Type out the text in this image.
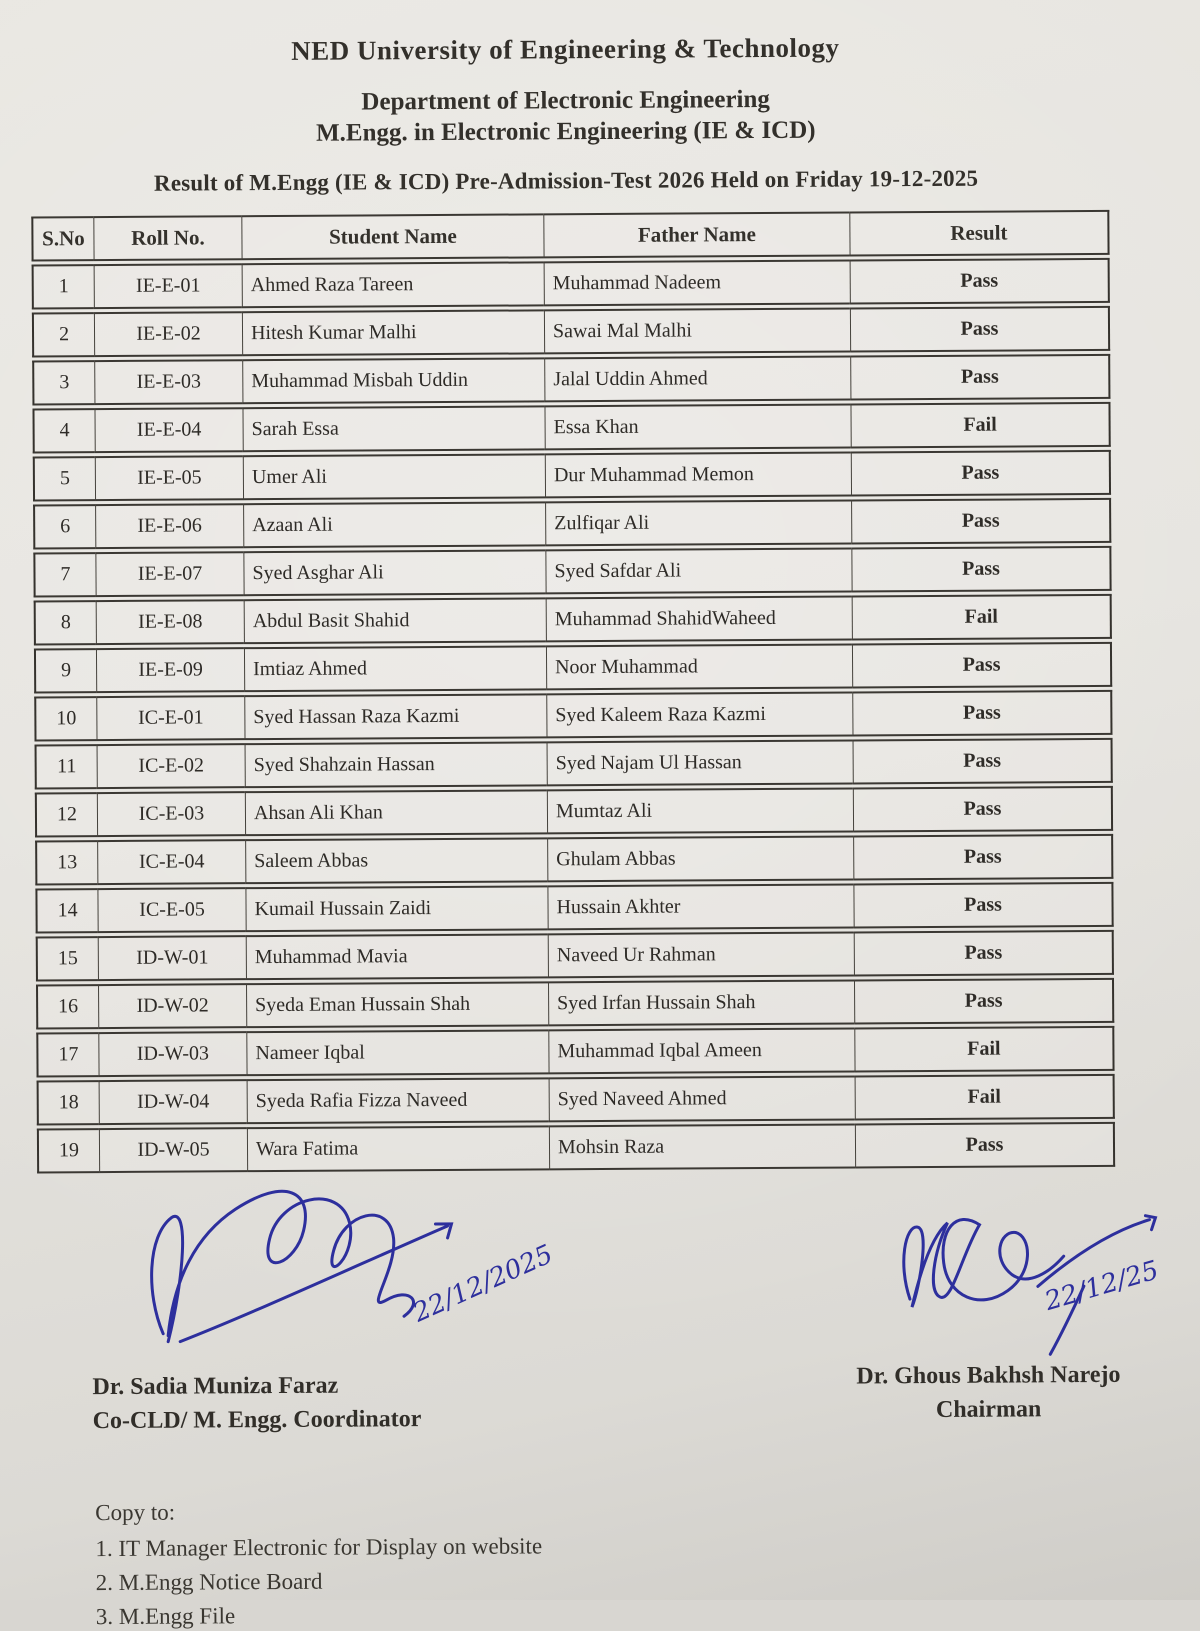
NED University of Engineering & Technology
Department of Electronic Engineering
M.Engg. in Electronic Engineering (IE & ICD)
Result of M.Engg (IE & ICD) Pre-Admission-Test 2026 Held on Friday 19-12-2025
S.No	Roll No.	Student Name	Father Name	Result
1	IE-E-01	Ahmed Raza Tareen	Muhammad Nadeem	Pass
2	IE-E-02	Hitesh Kumar Malhi	Sawai Mal Malhi	Pass
3	IE-E-03	Muhammad Misbah Uddin	Jalal Uddin Ahmed	Pass
4	IE-E-04	Sarah Essa	Essa Khan	Fail
5	IE-E-05	Umer Ali	Dur Muhammad Memon	Pass
6	IE-E-06	Azaan Ali	Zulfiqar Ali	Pass
7	IE-E-07	Syed Asghar Ali	Syed Safdar Ali	Pass
8	IE-E-08	Abdul Basit Shahid	Muhammad ShahidWaheed	Fail
9	IE-E-09	Imtiaz Ahmed	Noor Muhammad	Pass
10	IC-E-01	Syed Hassan Raza Kazmi	Syed Kaleem Raza Kazmi	Pass
11	IC-E-02	Syed Shahzain Hassan	Syed Najam Ul Hassan	Pass
12	IC-E-03	Ahsan Ali Khan	Mumtaz Ali	Pass
13	IC-E-04	Saleem Abbas	Ghulam Abbas	Pass
14	IC-E-05	Kumail Hussain Zaidi	Hussain Akhter	Pass
15	ID-W-01	Muhammad Mavia	Naveed Ur Rahman	Pass
16	ID-W-02	Syeda Eman Hussain Shah	Syed Irfan Hussain Shah	Pass
17	ID-W-03	Nameer Iqbal	Muhammad Iqbal Ameen	Fail
18	ID-W-04	Syeda Rafia Fizza Naveed	Syed Naveed Ahmed	Fail
19	ID-W-05	Wara Fatima	Mohsin Raza	Pass
22/12/2025	22/12/25
Dr. Sadia Muniza Faraz
Co-CLD/ M. Engg. Coordinator
Dr. Ghous Bakhsh Narejo
Chairman
Copy to:
1. IT Manager Electronic for Display on website
2. M.Engg Notice Board
3. M.Engg File
